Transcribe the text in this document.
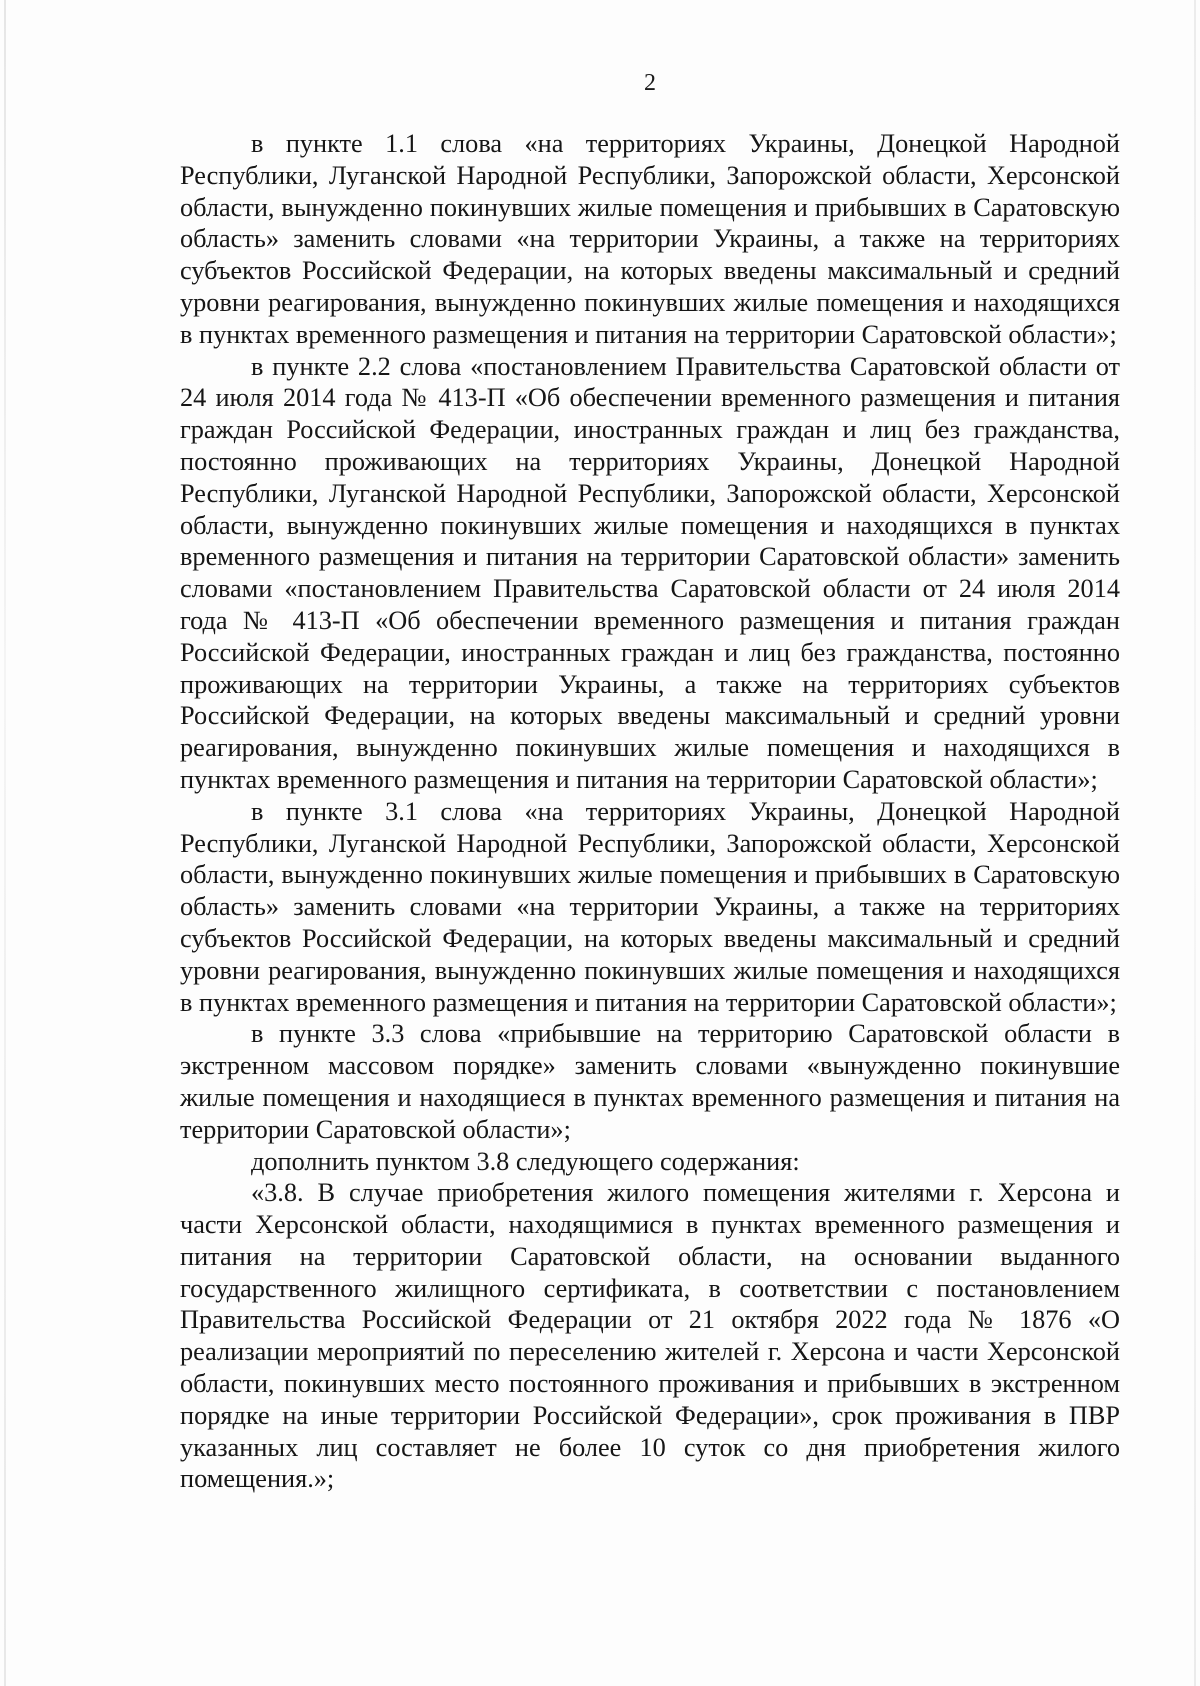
2

в пункте 1.1 слова «на территориях Украины, Донецкой Народной Республики, Луганской Народной Республики, Запорожской области, Херсонской области, вынужденно покинувших жилые помещения и прибывших в Саратовскую область» заменить словами «на территории Украины, а также на территориях субъектов Российской Федерации, на которых введены максимальный и средний уровни реагирования, вынужденно покинувших жилые помещения и находящихся в пунктах временного размещения и питания на территории Саратовской области»;

в пункте 2.2 слова «постановлением Правительства Саратовской области от 24 июля 2014 года № 413-П «Об обеспечении временного размещения и питания граждан Российской Федерации, иностранных граждан и лиц без гражданства, постоянно проживающих на территориях Украины, Донецкой Народной Республики, Луганской Народной Республики, Запорожской области, Херсонской области, вынужденно покинувших жилые помещения и находящихся в пунктах временного размещения и питания на территории Саратовской области» заменить словами «постановлением Правительства Саратовской области от 24 июля 2014 года № 413-П «Об обеспечении временного размещения и питания граждан Российской Федерации, иностранных граждан и лиц без гражданства, постоянно проживающих на территории Украины, а также на территориях субъектов Российской Федерации, на которых введены максимальный и средний уровни реагирования, вынужденно покинувших жилые помещения и находящихся в пунктах временного размещения и питания на территории Саратовской области»;

в пункте 3.1 слова «на территориях Украины, Донецкой Народной Республики, Луганской Народной Республики, Запорожской области, Херсонской области, вынужденно покинувших жилые помещения и прибывших в Саратовскую область» заменить словами «на территории Украины, а также на территориях субъектов Российской Федерации, на которых введены максимальный и средний уровни реагирования, вынужденно покинувших жилые помещения и находящихся в пунктах временного размещения и питания на территории Саратовской области»;

в пункте 3.3 слова «прибывшие на территорию Саратовской области в экстренном массовом порядке» заменить словами «вынужденно покинувшие жилые помещения и находящиеся в пунктах временного размещения и питания на территории Саратовской области»;

дополнить пунктом 3.8 следующего содержания:

«3.8. В случае приобретения жилого помещения жителями г. Херсона и части Херсонской области, находящимися в пунктах временного размещения и питания на территории Саратовской области, на основании выданного государственного жилищного сертификата, в соответствии с постановлением Правительства Российской Федерации от 21 октября 2022 года № 1876 «О реализации мероприятий по переселению жителей г. Херсона и части Херсонской области, покинувших место постоянного проживания и прибывших в экстренном порядке на иные территории Российской Федерации», срок проживания в ПВР указанных лиц составляет не более 10 суток со дня приобретения жилого помещения.»;
